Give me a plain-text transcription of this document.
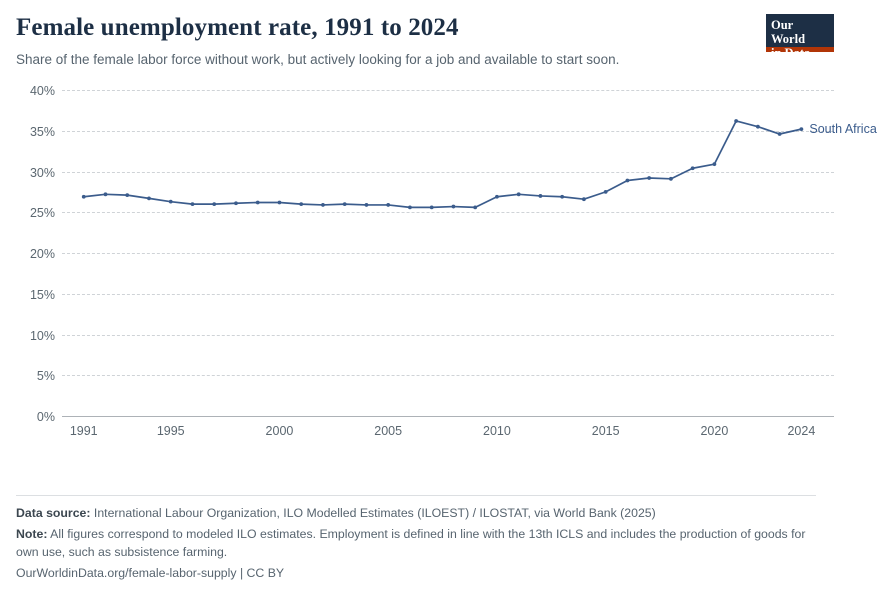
Female unemployment rate, 1991 to 2024
Share of the female labor force without work, but actively looking for a job and available to start soon.
Our World
in Data
1991	1995	2000	2005	2010	2015	2020	2024
0%
5%
10%
15%
20%
25%
30%
35%
40%
South Africa
Data source: International Labour Organization, ILO Modelled Estimates (ILOEST) / ILOSTAT, via World Bank (2025)
Note: All figures correspond to modeled ILO estimates. Employment is defined in line with the 13th ICLS and includes the production of goods for own use, such as subsistence farming.
OurWorldinData.org/female-labor-supply | CC BY
